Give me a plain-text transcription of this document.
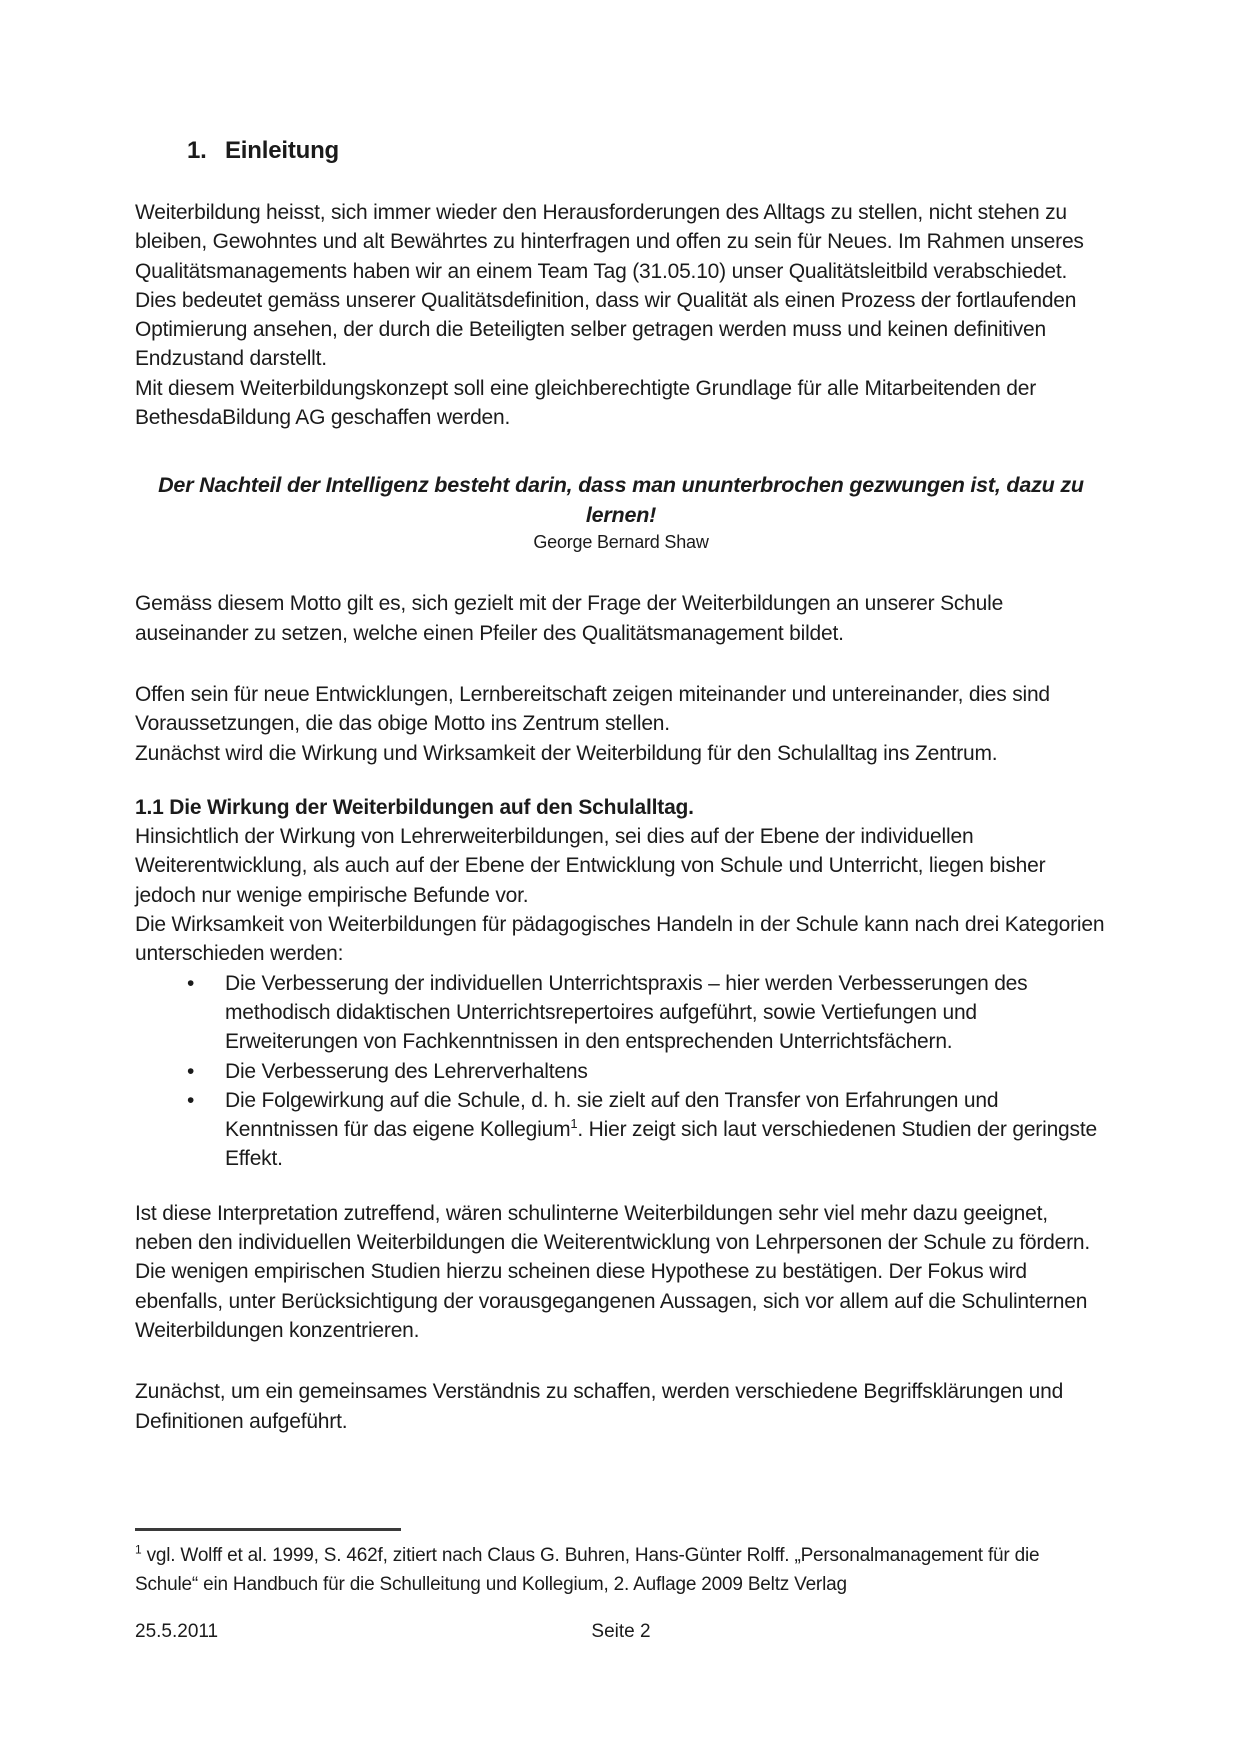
1. Einleitung

Weiterbildung heisst, sich immer wieder den Herausforderungen des Alltags zu stellen, nicht stehen zu bleiben, Gewohntes und alt Bewährtes zu hinterfragen und offen zu sein für Neues. Im Rahmen unseres Qualitätsmanagements haben wir an einem Team Tag (31.05.10) unser Qualitätsleitbild verabschiedet. Dies bedeutet gemäss unserer Qualitätsdefinition, dass wir Qualität als einen Prozess der fortlaufenden Optimierung ansehen, der durch die Beteiligten selber getragen werden muss und keinen definitiven Endzustand darstellt.

Mit diesem Weiterbildungskonzept soll eine gleichberechtigte Grundlage für alle Mitarbeitenden der BethesdaBildung AG geschaffen werden.

Der Nachteil der Intelligenz besteht darin, dass man ununterbrochen gezwungen ist, dazu zu lernen!

George Bernard Shaw

Gemäss diesem Motto gilt es, sich gezielt mit der Frage der Weiterbildungen an unserer Schule auseinander zu setzen, welche einen Pfeiler des Qualitätsmanagement bildet.

Offen sein für neue Entwicklungen, Lernbereitschaft zeigen miteinander und untereinander, dies sind Voraussetzungen, die das obige Motto ins Zentrum stellen.

Zunächst wird die Wirkung und Wirksamkeit der Weiterbildung für den Schulalltag ins Zentrum.

1.1 Die Wirkung der Weiterbildungen auf den Schulalltag.

Hinsichtlich der Wirkung von Lehrerweiterbildungen, sei dies auf der Ebene der individuellen Weiterentwicklung, als auch auf der Ebene der Entwicklung von Schule und Unterricht, liegen bisher jedoch nur wenige empirische Befunde vor.

Die Wirksamkeit von Weiterbildungen für pädagogisches Handeln in der Schule kann nach drei Kategorien unterschieden werden:

•	Die Verbesserung der individuellen Unterrichtspraxis – hier werden Verbesserungen des methodisch didaktischen Unterrichtsrepertoires aufgeführt, sowie Vertiefungen und Erweiterungen von Fachkenntnissen in den entsprechenden Unterrichtsfächern.
•	Die Verbesserung des Lehrerverhaltens
•	Die Folgewirkung auf die Schule, d. h. sie zielt auf den Transfer von Erfahrungen und Kenntnissen für das eigene Kollegium$^1$. Hier zeigt sich laut verschiedenen Studien der geringste Effekt.

Ist diese Interpretation zutreffend, wären schulinterne Weiterbildungen sehr viel mehr dazu geeignet, neben den individuellen Weiterbildungen die Weiterentwicklung von Lehrpersonen der Schule zu fördern. Die wenigen empirischen Studien hierzu scheinen diese Hypothese zu bestätigen. Der Fokus wird ebenfalls, unter Berücksichtigung der vorausgegangenen Aussagen, sich vor allem auf die Schulinternen Weiterbildungen konzentrieren.

Zunächst, um ein gemeinsames Verständnis zu schaffen, werden verschiedene Begriffsklärungen und Definitionen aufgeführt.

$^1$ vgl. Wolff et al. 1999, S. 462f, zitiert nach Claus G. Buhren, Hans-Günter Rolff. „Personalmanagement für die Schule“ ein Handbuch für die Schulleitung und Kollegium, 2. Auflage 2009 Beltz Verlag

25.5.2011	Seite 2
